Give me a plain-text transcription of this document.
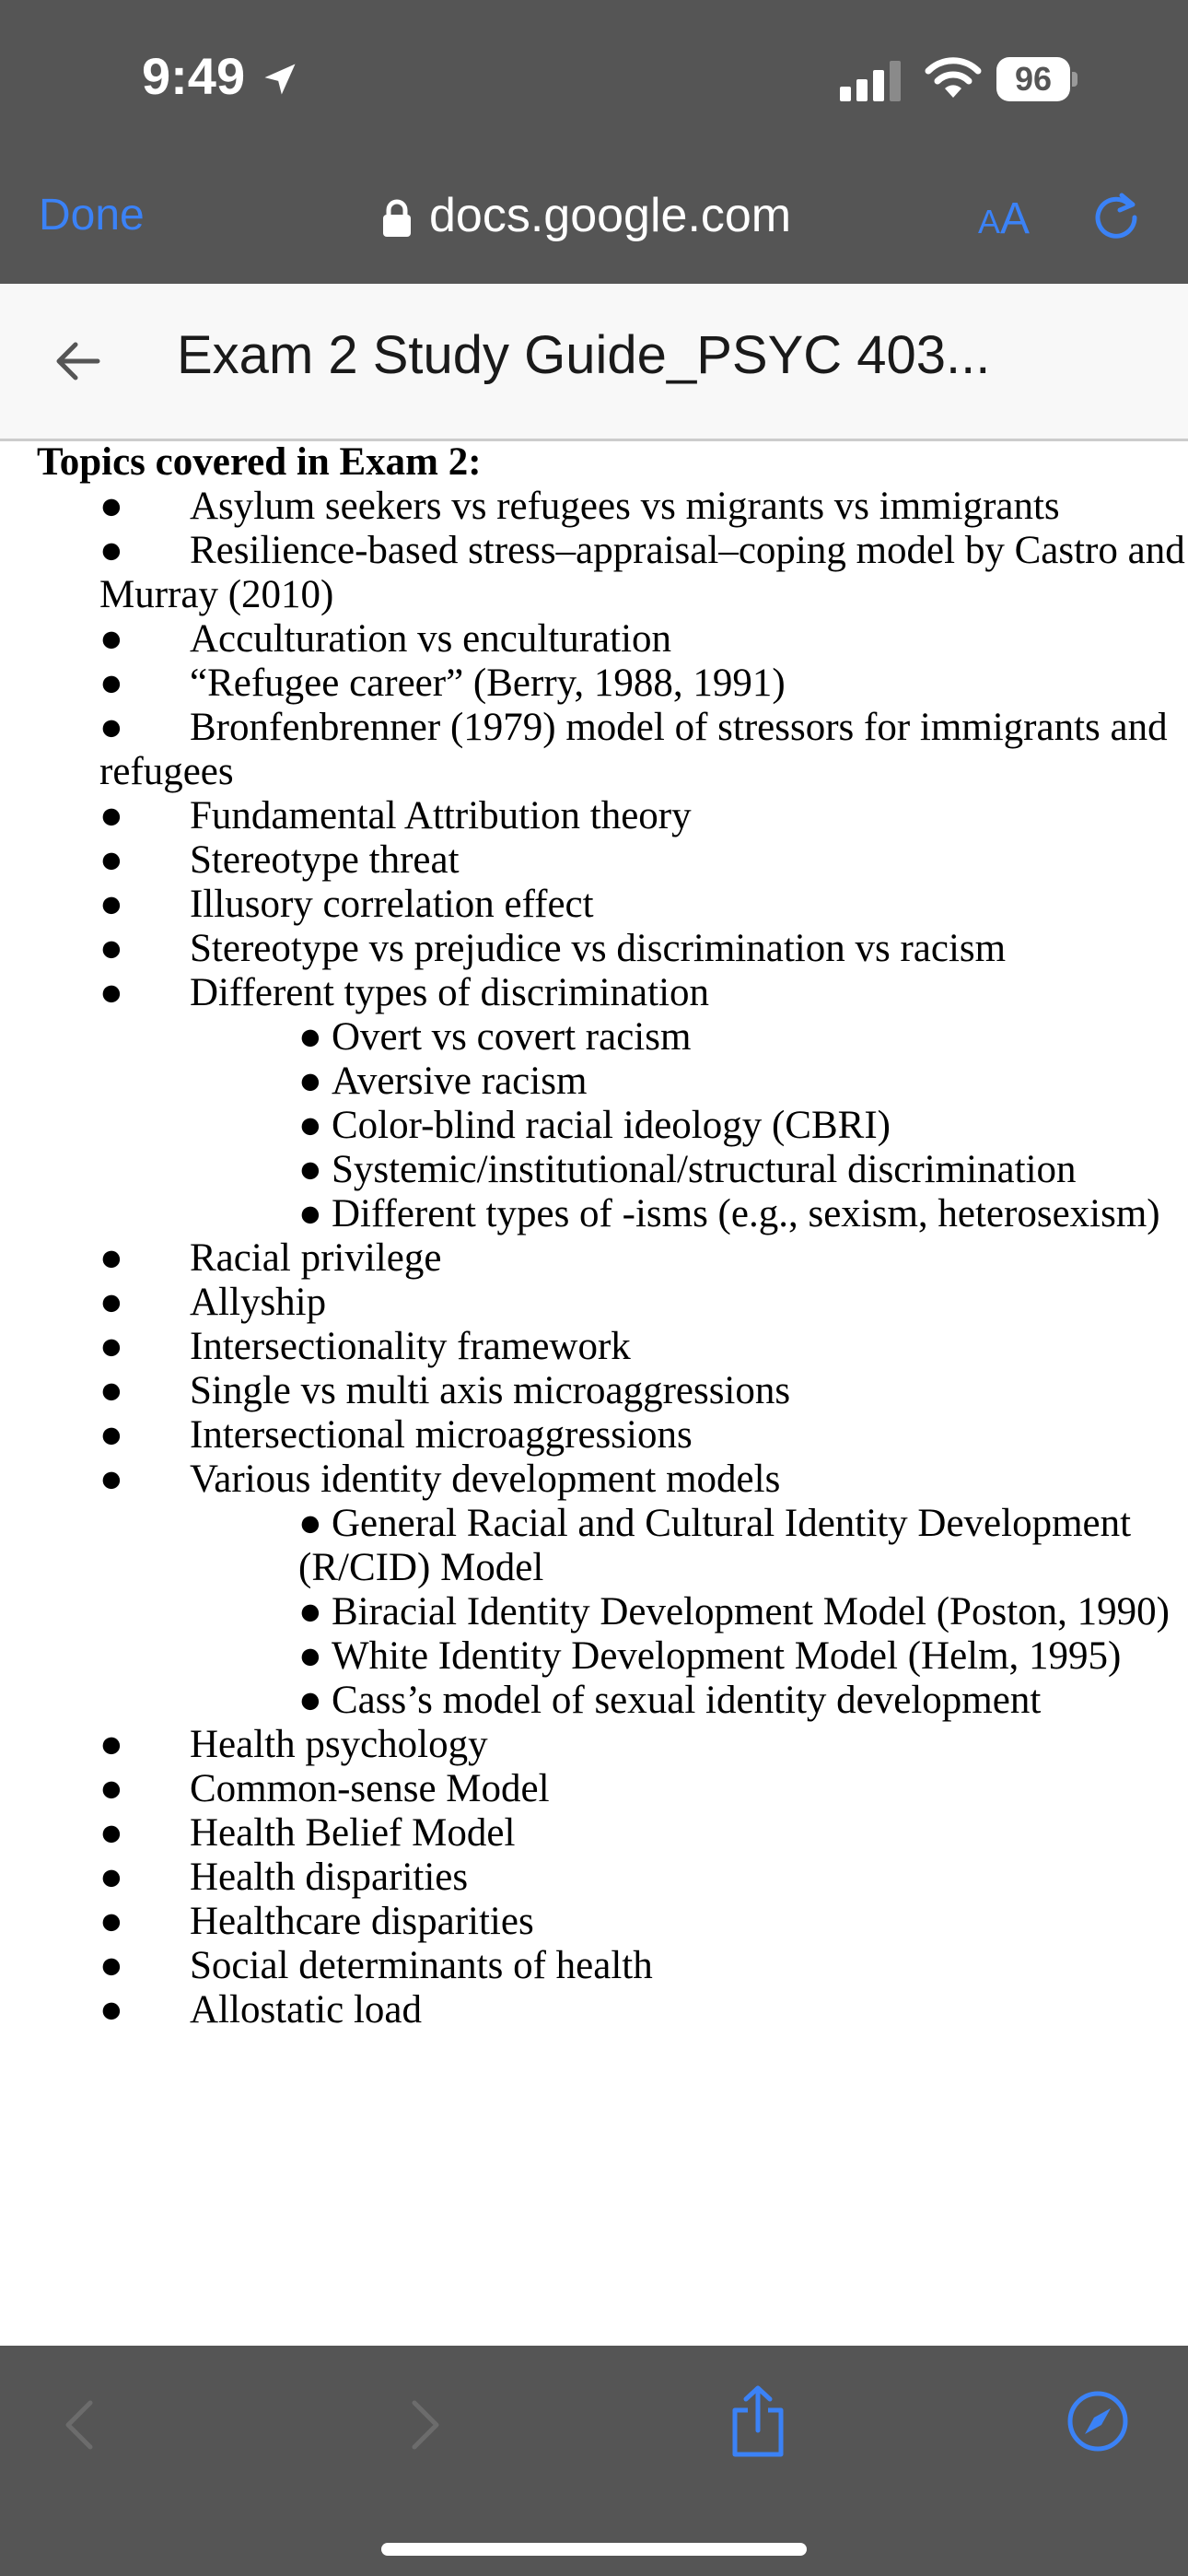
9:49	96
Done	docs.google.com	AA
Exam 2 Study Guide_PSYC 403...
Topics covered in Exam 2:

● Asylum seekers vs refugees vs migrants vs immigrants

● Resilience-based stress–appraisal–coping model by Castro and Murray (2010)

● Acculturation vs enculturation

● “Refugee career” (Berry, 1988, 1991)

● Bronfenbrenner (1979) model of stressors for immigrants and refugees

● Fundamental Attribution theory

● Stereotype threat

● Illusory correlation effect

● Stereotype vs prejudice vs discrimination vs racism

● Different types of discrimination

● Overt vs covert racism

● Aversive racism

● Color-blind racial ideology (CBRI)

● Systemic/institutional/structural discrimination

● Different types of -isms (e.g., sexism, heterosexism)

● Racial privilege

● Allyship

● Intersectionality framework

● Single vs multi axis microaggressions

● Intersectional microaggressions

● Various identity development models

● General Racial and Cultural Identity Development (R/CID) Model

● Biracial Identity Development Model (Poston, 1990)

● White Identity Development Model (Helm, 1995)

● Cass’s model of sexual identity development

● Health psychology

● Common-sense Model

● Health Belief Model

● Health disparities

● Healthcare disparities

● Social determinants of health

● Allostatic load
